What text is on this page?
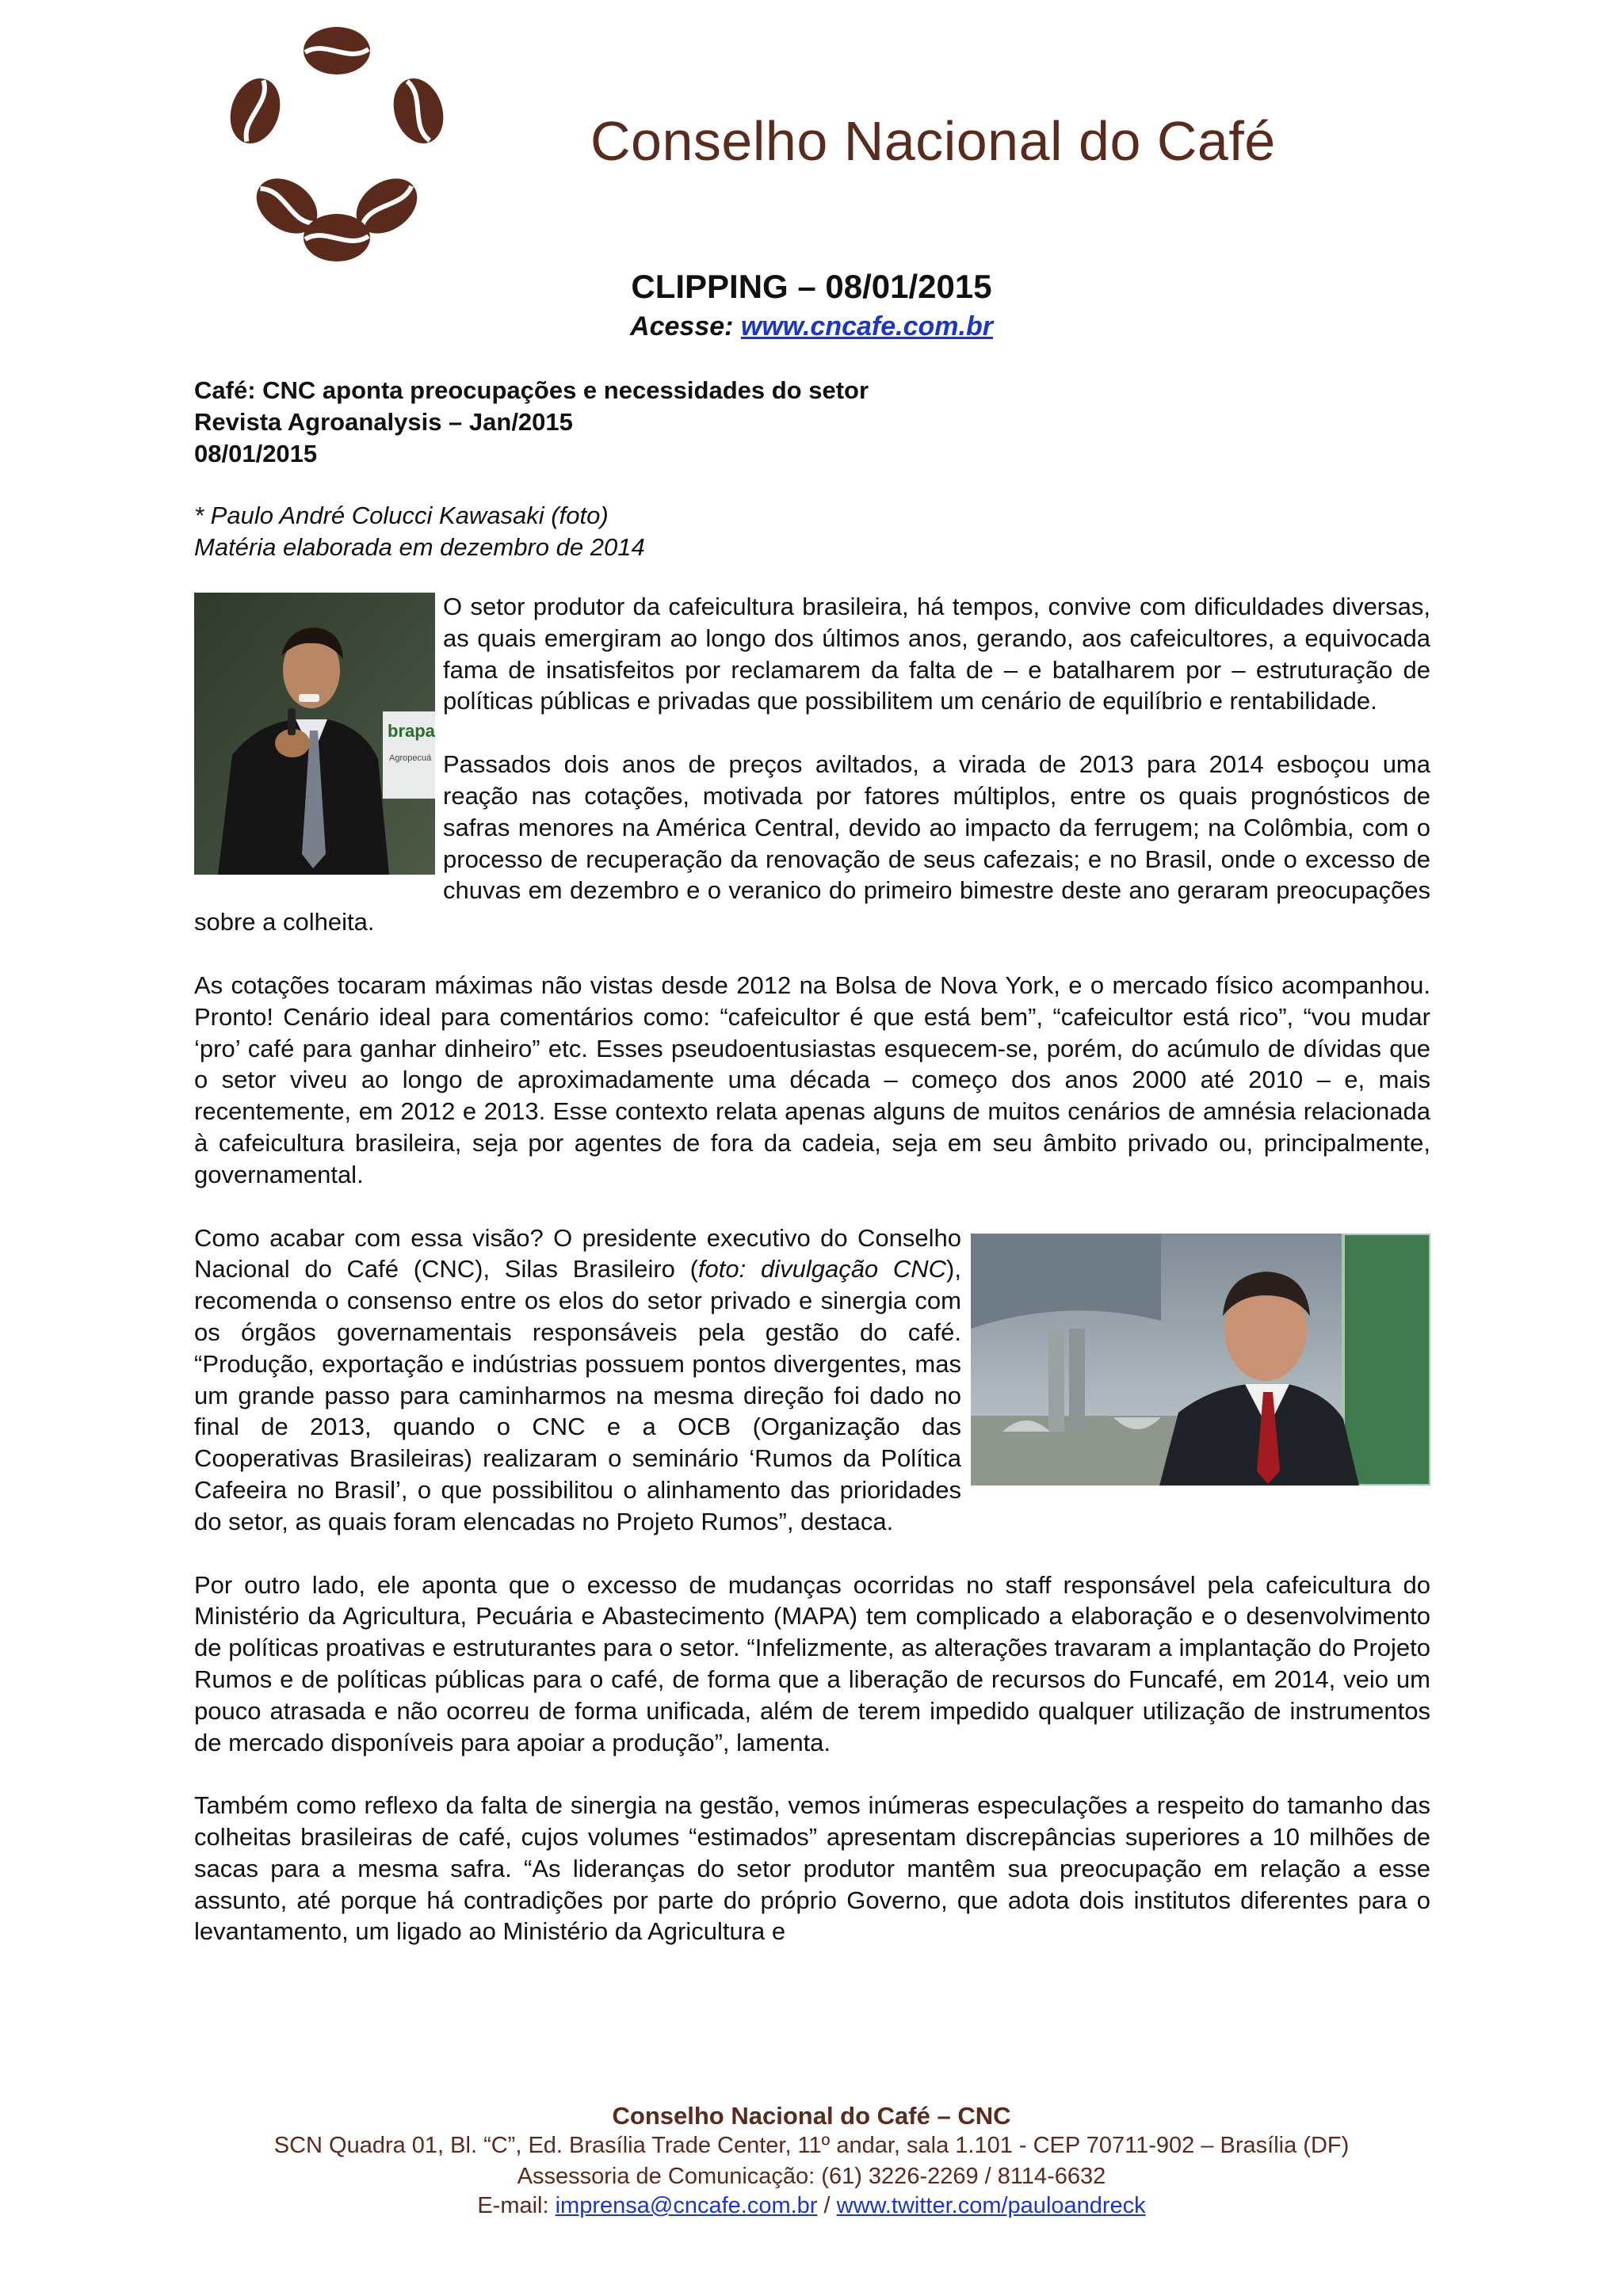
Conselho Nacional do Café
CLIPPING – 08/01/2015
Acesse: www.cncafe.com.br
Café: CNC aponta preocupações e necessidades do setor
Revista Agroanalysis – Jan/2015
08/01/2015
* Paulo André Colucci Kawasaki (foto)
Matéria elaborada em dezembro de 2014
brapa
Agropecuá

O setor produtor da cafeicultura brasileira, há tempos, convive com dificuldades diversas, as quais emergiram ao longo dos últimos anos, gerando, aos cafeicultores, a equivocada fama de insatisfeitos por reclamarem da falta de – e batalharem por – estruturação de políticas públicas e privadas que possibilitem um cenário de equilíbrio e rentabilidade.

Passados dois anos de preços aviltados, a virada de 2013 para 2014 esboçou uma reação nas cotações, motivada por fatores múltiplos, entre os quais prognósticos de safras menores na América Central, devido ao impacto da ferrugem; na Colômbia, com o processo de recuperação da renovação de seus cafezais; e no Brasil, onde o excesso de chuvas em dezembro e o veranico do primeiro bimestre deste ano geraram preocupações sobre a colheita.

As cotações tocaram máximas não vistas desde 2012 na Bolsa de Nova York, e o mercado físico acompanhou. Pronto! Cenário ideal para comentários como: “cafeicultor é que está bem”, “cafeicultor está rico”, “vou mudar ‘pro’ café para ganhar dinheiro” etc. Esses pseudoentusiastas esquecem-se, porém, do acúmulo de dívidas que o setor viveu ao longo de aproximadamente uma década – começo dos anos 2000 até 2010 – e, mais recentemente, em 2012 e 2013. Esse contexto relata apenas alguns de muitos cenários de amnésia relacionada à cafeicultura brasileira, seja por agentes de fora da cadeia, seja em seu âmbito privado ou, principalmente, governamental.

Como acabar com essa visão? O presidente executivo do Conselho Nacional do Café (CNC), Silas Brasileiro (foto: divulgação CNC), recomenda o consenso entre os elos do setor privado e sinergia com os órgãos governamentais responsáveis pela gestão do café. “Produção, exportação e indústrias possuem pontos divergentes, mas um grande passo para caminharmos na mesma direção foi dado no final de 2013, quando o CNC e a OCB (Organização das Cooperativas Brasileiras) realizaram o seminário ‘Rumos da Política Cafeeira no Brasil’, o que possibilitou o alinhamento das prioridades do setor, as quais foram elencadas no Projeto Rumos”, destaca.

Por outro lado, ele aponta que o excesso de mudanças ocorridas no staff responsável pela cafeicultura do Ministério da Agricultura, Pecuária e Abastecimento (MAPA) tem complicado a elaboração e o desenvolvimento de políticas proativas e estruturantes para o setor. “Infelizmente, as alterações travaram a implantação do Projeto Rumos e de políticas públicas para o café, de forma que a liberação de recursos do Funcafé, em 2014, veio um pouco atrasada e não ocorreu de forma unificada, além de terem impedido qualquer utilização de instrumentos de mercado disponíveis para apoiar a produção”, lamenta.

Também como reflexo da falta de sinergia na gestão, vemos inúmeras especulações a respeito do tamanho das colheitas brasileiras de café, cujos volumes “estimados” apresentam discrepâncias superiores a 10 milhões de sacas para a mesma safra. “As lideranças do setor produtor mantêm sua preocupação em relação a esse assunto, até porque há contradições por parte do próprio Governo, que adota dois institutos diferentes para o levantamento, um ligado ao Ministério da Agricultura e

Conselho Nacional do Café – CNC
SCN Quadra 01, Bl. “C”, Ed. Brasília Trade Center, 11º andar, sala 1.101 - CEP 70711-902 – Brasília (DF)
Assessoria de Comunicação: (61) 3226-2269 / 8114-6632
E-mail: imprensa@cncafe.com.br / www.twitter.com/pauloandreck
